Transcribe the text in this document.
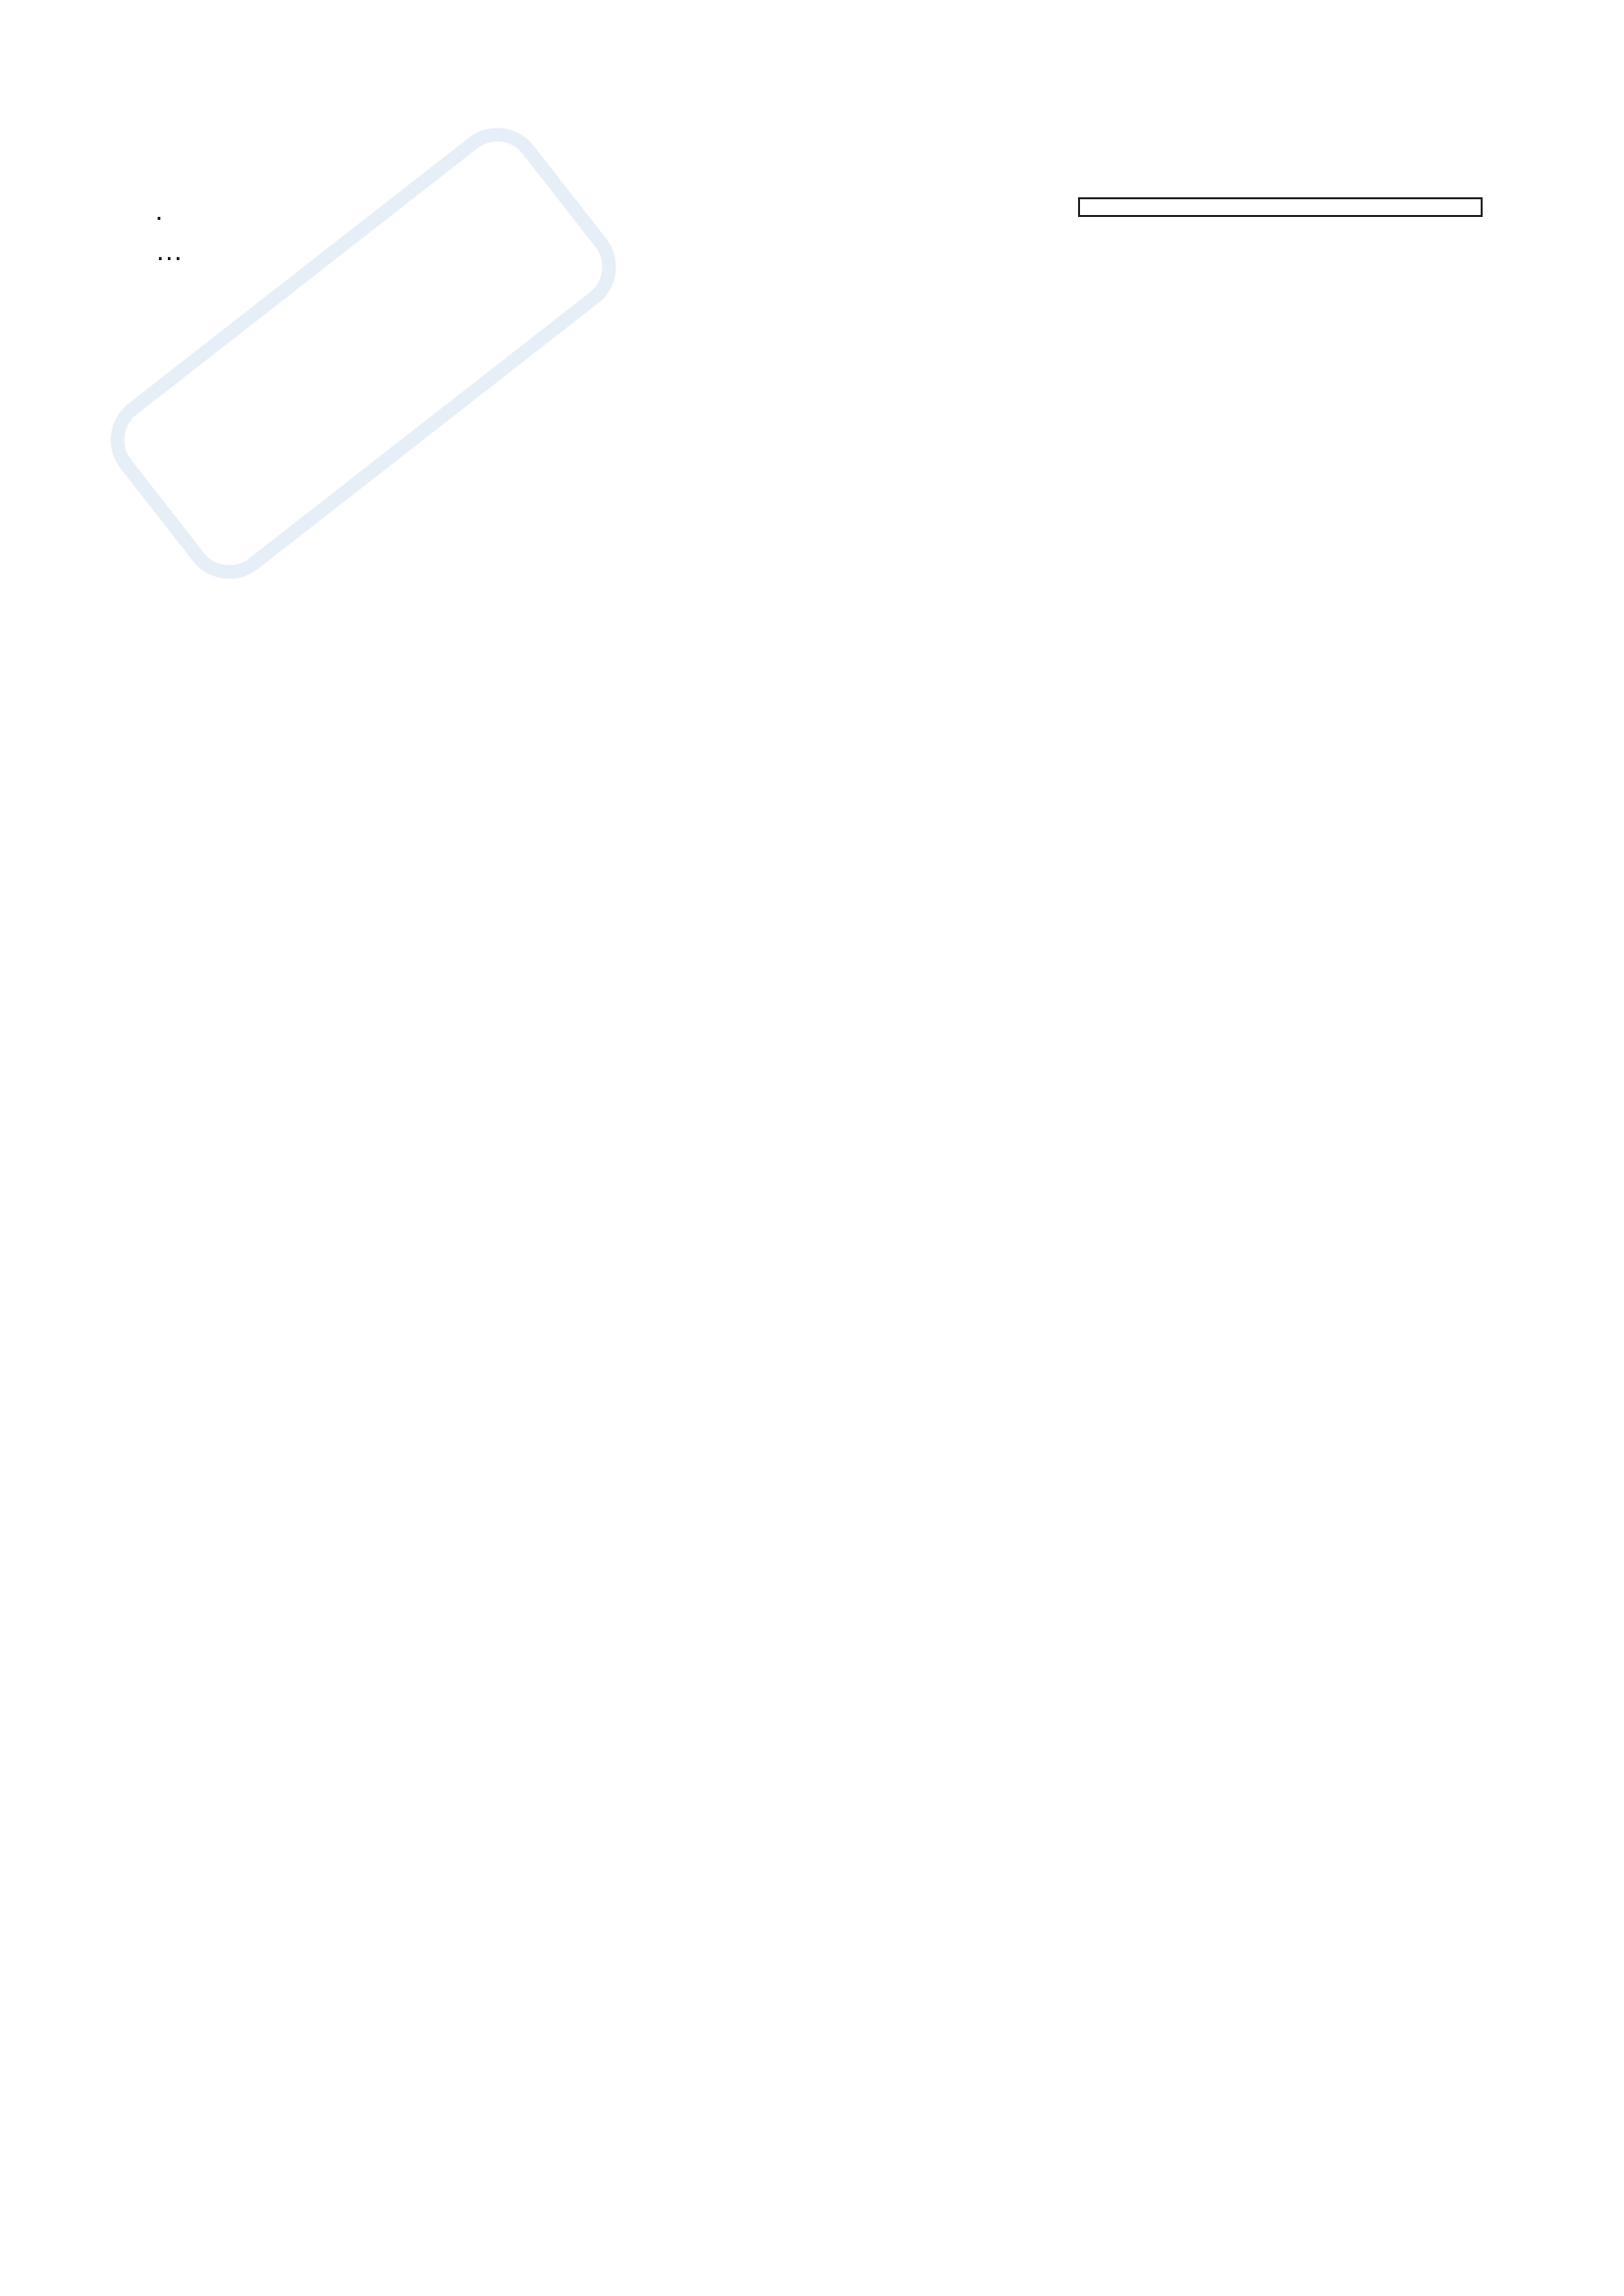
.

…
